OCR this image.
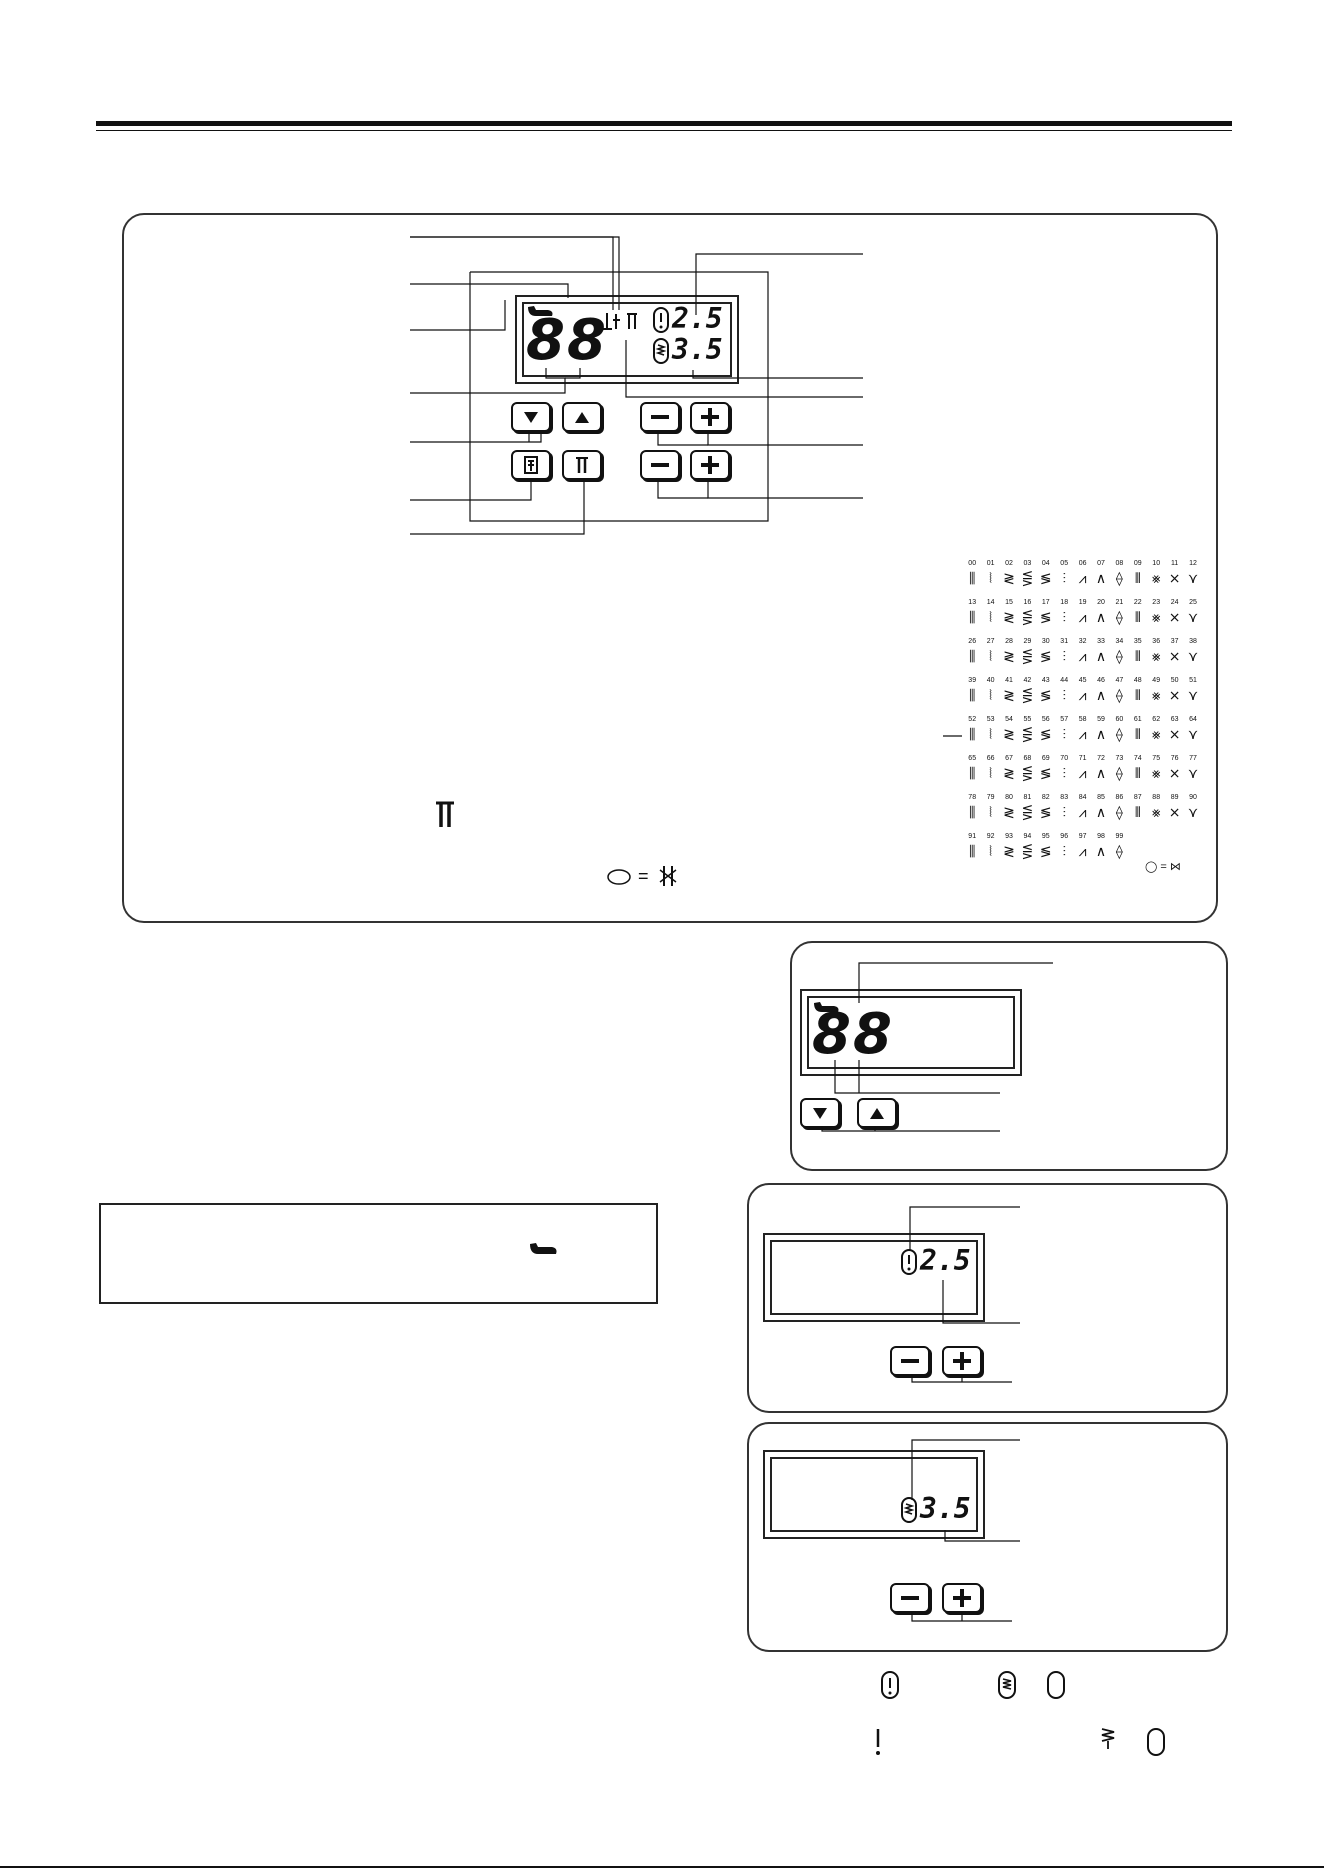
88 2.5
3.5
=
00
⫼
01
⦚
02
≷
03
⋚
04
≶
05
⫶
06
⩘
07
∧
08
⟠
09
⦀
10
⨳
11
⨯
12
⋎
13
⫼
14
⦚
15
≷
16
⋚
17
≶
18
⫶
19
⩘
20
∧
21
⟠
22
⦀
23
⨳
24
⨯
25
⋎
26
⫼
27
⦚
28
≷
29
⋚
30
≶
31
⫶
32
⩘
33
∧
34
⟠
35
⦀
36
⨳
37
⨯
38
⋎
39
⫼
40
⦚
41
≷
42
⋚
43
≶
44
⫶
45
⩘
46
∧
47
⟠
48
⦀
49
⨳
50
⨯
51
⋎
52
⫼
53
⦚
54
≷
55
⋚
56
≶
57
⫶
58
⩘
59
∧
60
⟠
61
⦀
62
⨳
63
⨯
64
⋎
65
⫼
66
⦚
67
≷
68
⋚
69
≶
70
⫶
71
⩘
72
∧
73
⟠
74
⦀
75
⨳
76
⨯
77
⋎
78
⫼
79
⦚
80
≷
81
⋚
82
≶
83
⫶
84
⩘
85
∧
86
⟠
87
⦀
88
⨳
89
⨯
90
⋎
91
⫼
92
⦚
93
≷
94
⋚
95
≶
96
⫶
97
⩘
98
∧
99
⟠
◯ = ⋈
88
2.5
3.5
